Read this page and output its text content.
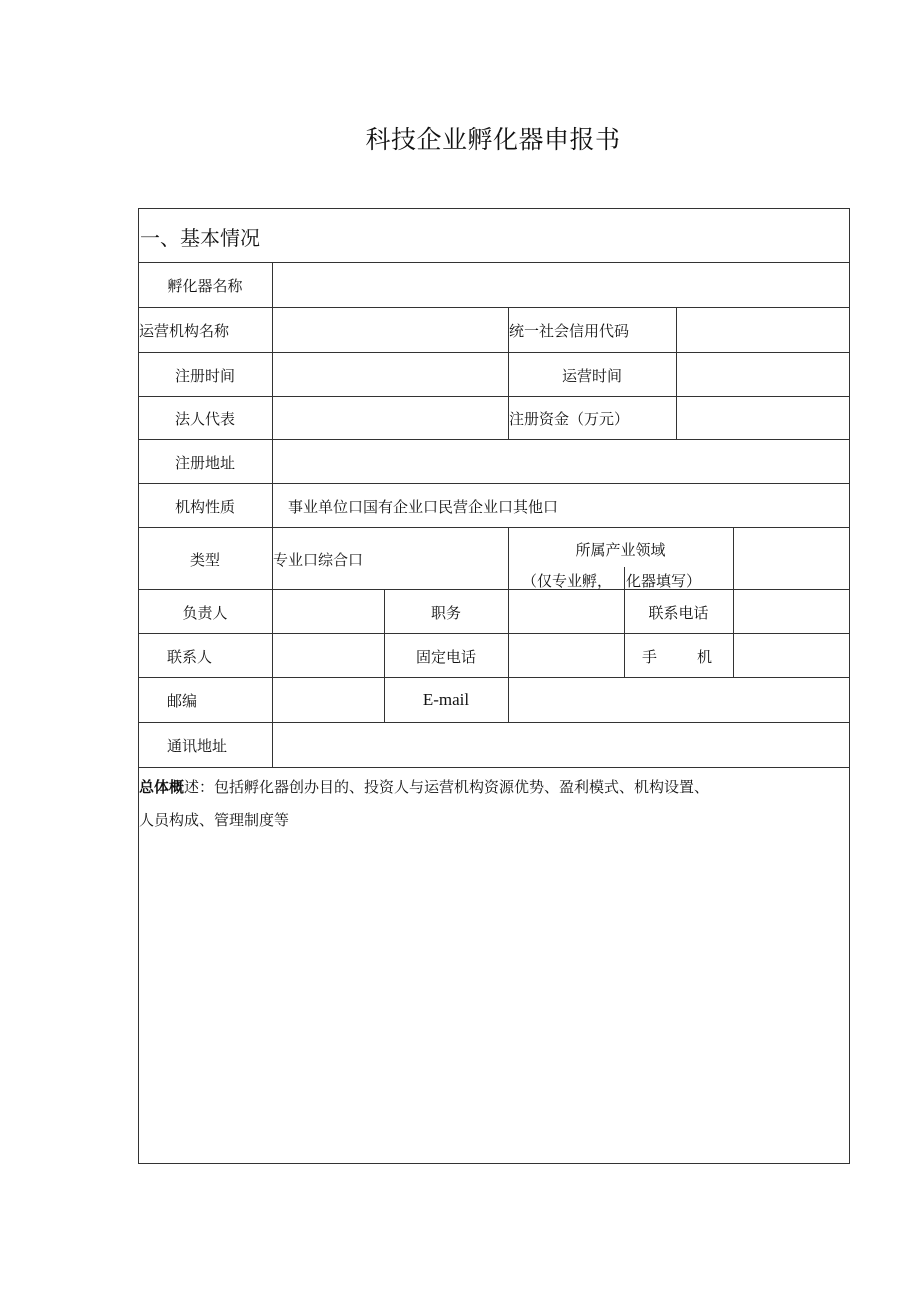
科技企业孵化器申报书
一、基本情况
孵化器名称
运营机构名称	统一社会信用代码
注册时间	运营时间
法人代表	注册资金（万元）
注册地址
机构性质	事业单位口国有企业口民营企业口其他口
类型	专业口综合口
所属产业领域
（仅专业孵， 化器填写）
负责人	职务	联系电话
联系人	固定电话	手	机
邮编	E-mail
通讯地址
总体概述：包括孵化器创办目的、投资人与运营机构资源优势、盈利模式、机构设置、
人员构成、管理制度等
